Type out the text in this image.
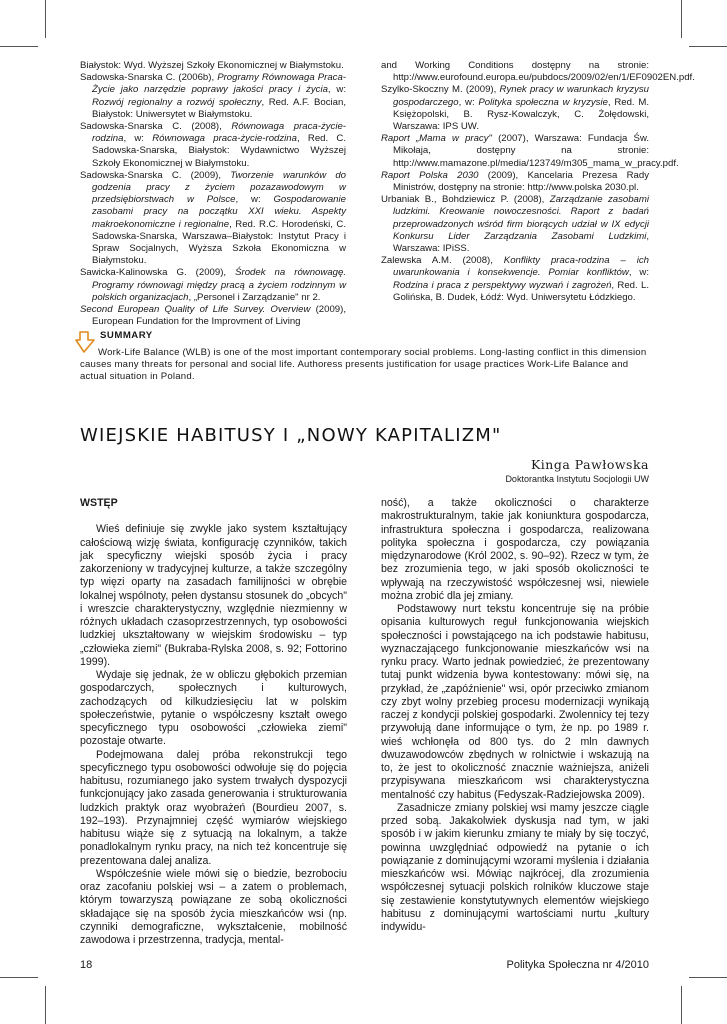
Białystok: Wyd. Wyższej Szkoły Ekonomicznej w Białymstoku.

Sadowska-Snarska C. (2006b), Programy Równowaga Praca-Życie jako narzędzie poprawy jakości pracy i życia, w: Rozwój regionalny a rozwój społeczny, Red. A.F. Bocian, Białystok: Uniwersytet w Białymstoku.

Sadowska-Snarska C. (2008), Równowaga praca-życie-rodzina, w: Równowaga praca-życie-rodzina, Red. C. Sadowska-Snarska, Białystok: Wydawnictwo Wyższej Szkoły Ekonomicznej w Białymstoku.

Sadowska-Snarska C. (2009), Tworzenie warunków do godzenia pracy z życiem pozazawodowym w przedsiębiorstwach w Polsce, w: Gospodarowanie zasobami pracy na początku XXI wieku. Aspekty makroekonomiczne i regionalne, Red. R.C. Horodeński, C. Sadowska-Snarska, Warszawa–Białystok: Instytut Pracy i Spraw Socjalnych, Wyższa Szkoła Ekonomiczna w Białymstoku.

Sawicka-Kalinowska G. (2009), Środek na równowagę. Programy równowagi między pracą a życiem rodzinnym w polskich organizacjach, „Personel i Zarządzanie" nr 2.

Second European Quality of Life Survey. Overview (2009), European Fundation for the Improvment of Living

and Working Conditions dostępny na stronie: http://www.eurofound.europa.eu/pubdocs/2009/02/en/1/EF0902EN.pdf.

Szylko-Skoczny M. (2009), Rynek pracy w warunkach kryzysu gospodarczego, w: Polityka społeczna w kryzysie, Red. M. Księżopolski, B. Rysz-Kowalczyk, C. Żołędowski, Warszawa: IPS UW.

Raport „Mama w pracy" (2007), Warszawa: Fundacja Św. Mikołaja, dostępny na stronie: http://www.mamazone.pl/media/123749/m305_mama_w_pracy.pdf.

Raport Polska 2030 (2009), Kancelaria Prezesa Rady Ministrów, dostępny na stronie: http://www.polska 2030.pl.

Urbaniak B., Bohdziewicz P. (2008), Zarządzanie zasobami ludzkimi. Kreowanie nowoczesności. Raport z badań przeprowadzonych wśród firm biorących udział w IX edycji Konkursu Lider Zarządzania Zasobami Ludzkimi, Warszawa: IPiSS.

Zalewska A.M. (2008), Konflikty praca-rodzina – ich uwarunkowania i konsekwencje. Pomiar konfliktów, w: Rodzina i praca z perspektywy wyzwań i zagrożeń, Red. L. Golińska, B. Dudek, Łódź: Wyd. Uniwersytetu Łódzkiego.

SUMMARY
Work-Life Balance (WLB) is one of the most important contemporary social problems. Long-lasting conflict in this dimension causes many threats for personal and social life. Authoress presents justification for usage practices Work-Life Balance and actual situation in Poland.
WIEJSKIE HABITUSY I „NOWY KAPITALIZM"
Kinga Pawłowska
Doktorantka Instytutu Socjologii UW
WSTĘP

Wieś definiuje się zwykle jako system kształtujący całościową wizję świata, konfigurację czynników, takich jak specyficzny wiejski sposób życia i pracy zakorzeniony w tradycyjnej kulturze, a także szczególny typ więzi oparty na zasadach familijności w obrębie lokalnej wspólnoty, pełen dystansu stosunek do „obcych" i wreszcie charakterystyczny, względnie niezmienny w różnych układach czasoprzestrzennych, typ osobowości ludzkiej ukształtowany w wiejskim środowisku – typ „człowieka ziemi" (Bukraba-Rylska 2008, s. 92; Fottorino 1999).

Wydaje się jednak, że w obliczu głębokich przemian gospodarczych, społecznych i kulturowych, zachodzących od kilkudziesięciu lat w polskim społeczeństwie, pytanie o współczesny kształt owego specyficznego typu osobowości „człowieka ziemi" pozostaje otwarte.

Podejmowana dalej próba rekonstrukcji tego specyficznego typu osobowości odwołuje się do pojęcia habitusu, rozumianego jako system trwałych dyspozycji funkcjonujący jako zasada generowania i strukturowania ludzkich praktyk oraz wyobrażeń (Bourdieu 2007, s. 192–193). Przynajmniej część wymiarów wiejskiego habitusu wiąże się z sytuacją na lokalnym, a także ponadlokalnym rynku pracy, na nich też koncentruje się prezentowana dalej analiza.

Współcześnie wiele mówi się o biedzie, bezrobociu oraz zacofaniu polskiej wsi – a zatem o problemach, którym towarzyszą powiązane ze sobą okoliczności składające się na sposób życia mieszkańców wsi (np. czynniki demograficzne, wykształcenie, mobilność zawodowa i przestrzenna, tradycja, mental-

ność), a także okoliczności o charakterze makrostrukturalnym, takie jak koniunktura gospodarcza, infrastruktura społeczna i gospodarcza, realizowana polityka społeczna i gospodarcza, czy powiązania międzynarodowe (Król 2002, s. 90–92). Rzecz w tym, że bez zrozumienia tego, w jaki sposób okoliczności te wpływają na rzeczywistość współczesnej wsi, niewiele można zrobić dla jej zmiany.

Podstawowy nurt tekstu koncentruje się na próbie opisania kulturowych reguł funkcjonowania wiejskich społeczności i powstającego na ich podstawie habitusu, wyznaczającego funkcjonowanie mieszkańców wsi na rynku pracy. Warto jednak powiedzieć, że prezentowany tutaj punkt widzenia bywa kontestowany: mówi się, na przykład, że „zapóźnienie" wsi, opór przeciwko zmianom czy zbyt wolny przebieg procesu modernizacji wynikają raczej z kondycji polskiej gospodarki. Zwolennicy tej tezy przywołują dane informujące o tym, że np. po 1989 r. wieś wchłonęła od 800 tys. do 2 mln dawnych dwuzawodowców zbędnych w rolnictwie i wskazują na to, że jest to okoliczność znacznie ważniejsza, aniżeli przypisywana mieszkańcom wsi charakterystyczna mentalność czy habitus (Fedyszak-Radziejowska 2009).

Zasadnicze zmiany polskiej wsi mamy jeszcze ciągle przed sobą. Jakakolwiek dyskusja nad tym, w jaki sposób i w jakim kierunku zmiany te miały by się toczyć, powinna uwzględniać odpowiedź na pytanie o ich powiązanie z dominującymi wzorami myślenia i działania mieszkańców wsi. Mówiąc najkrócej, dla zrozumienia współczesnej sytuacji polskich rolników kluczowe staje się zestawienie konstytutywnych elementów wiejskiego habitusu z dominującymi wartościami nurtu „kultury indywidu-

18	Polityka Społeczna nr 4/2010
